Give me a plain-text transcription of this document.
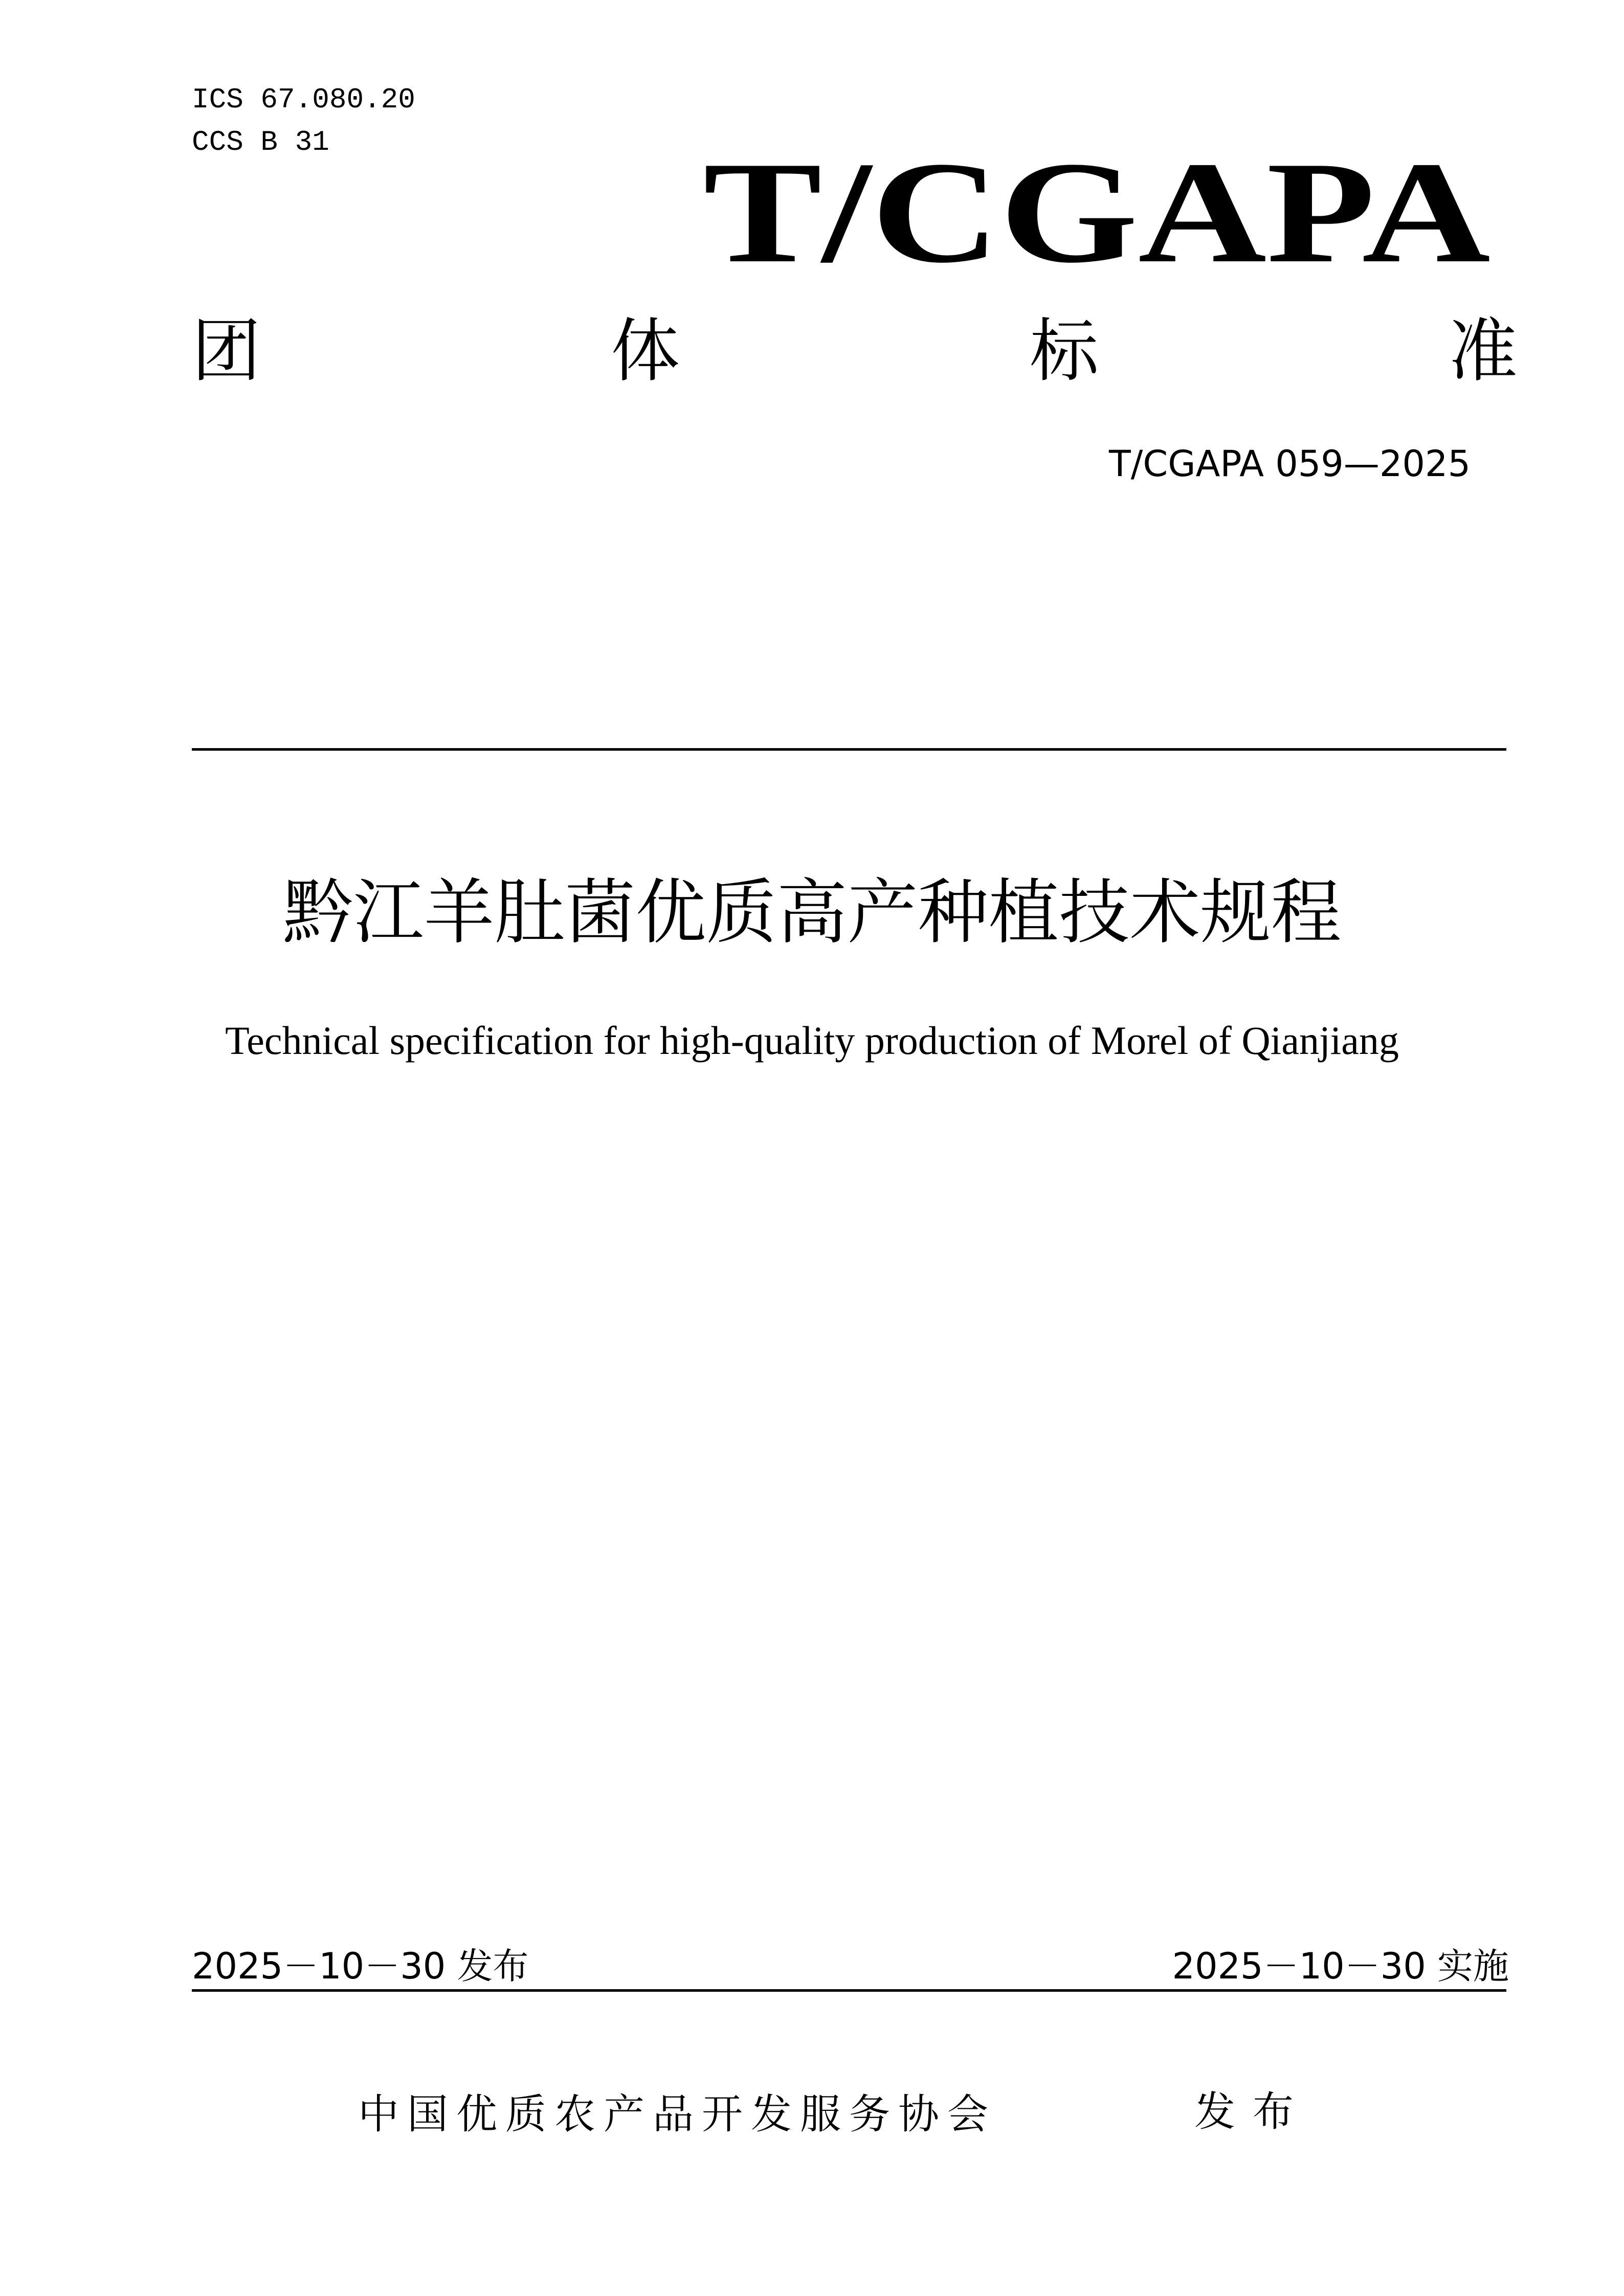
ICS 67.080.20
CCS B 31	T/CGAPA
团	体	标	准
T/CGAPA 059—2025
黔江羊肚菌优质高产种植技术规程
Technical specification for high-quality production of Morel of Qianjiang
2025－10－30 发布	2025－10－30 实施
中国优质农产品开发服务协会	发布
